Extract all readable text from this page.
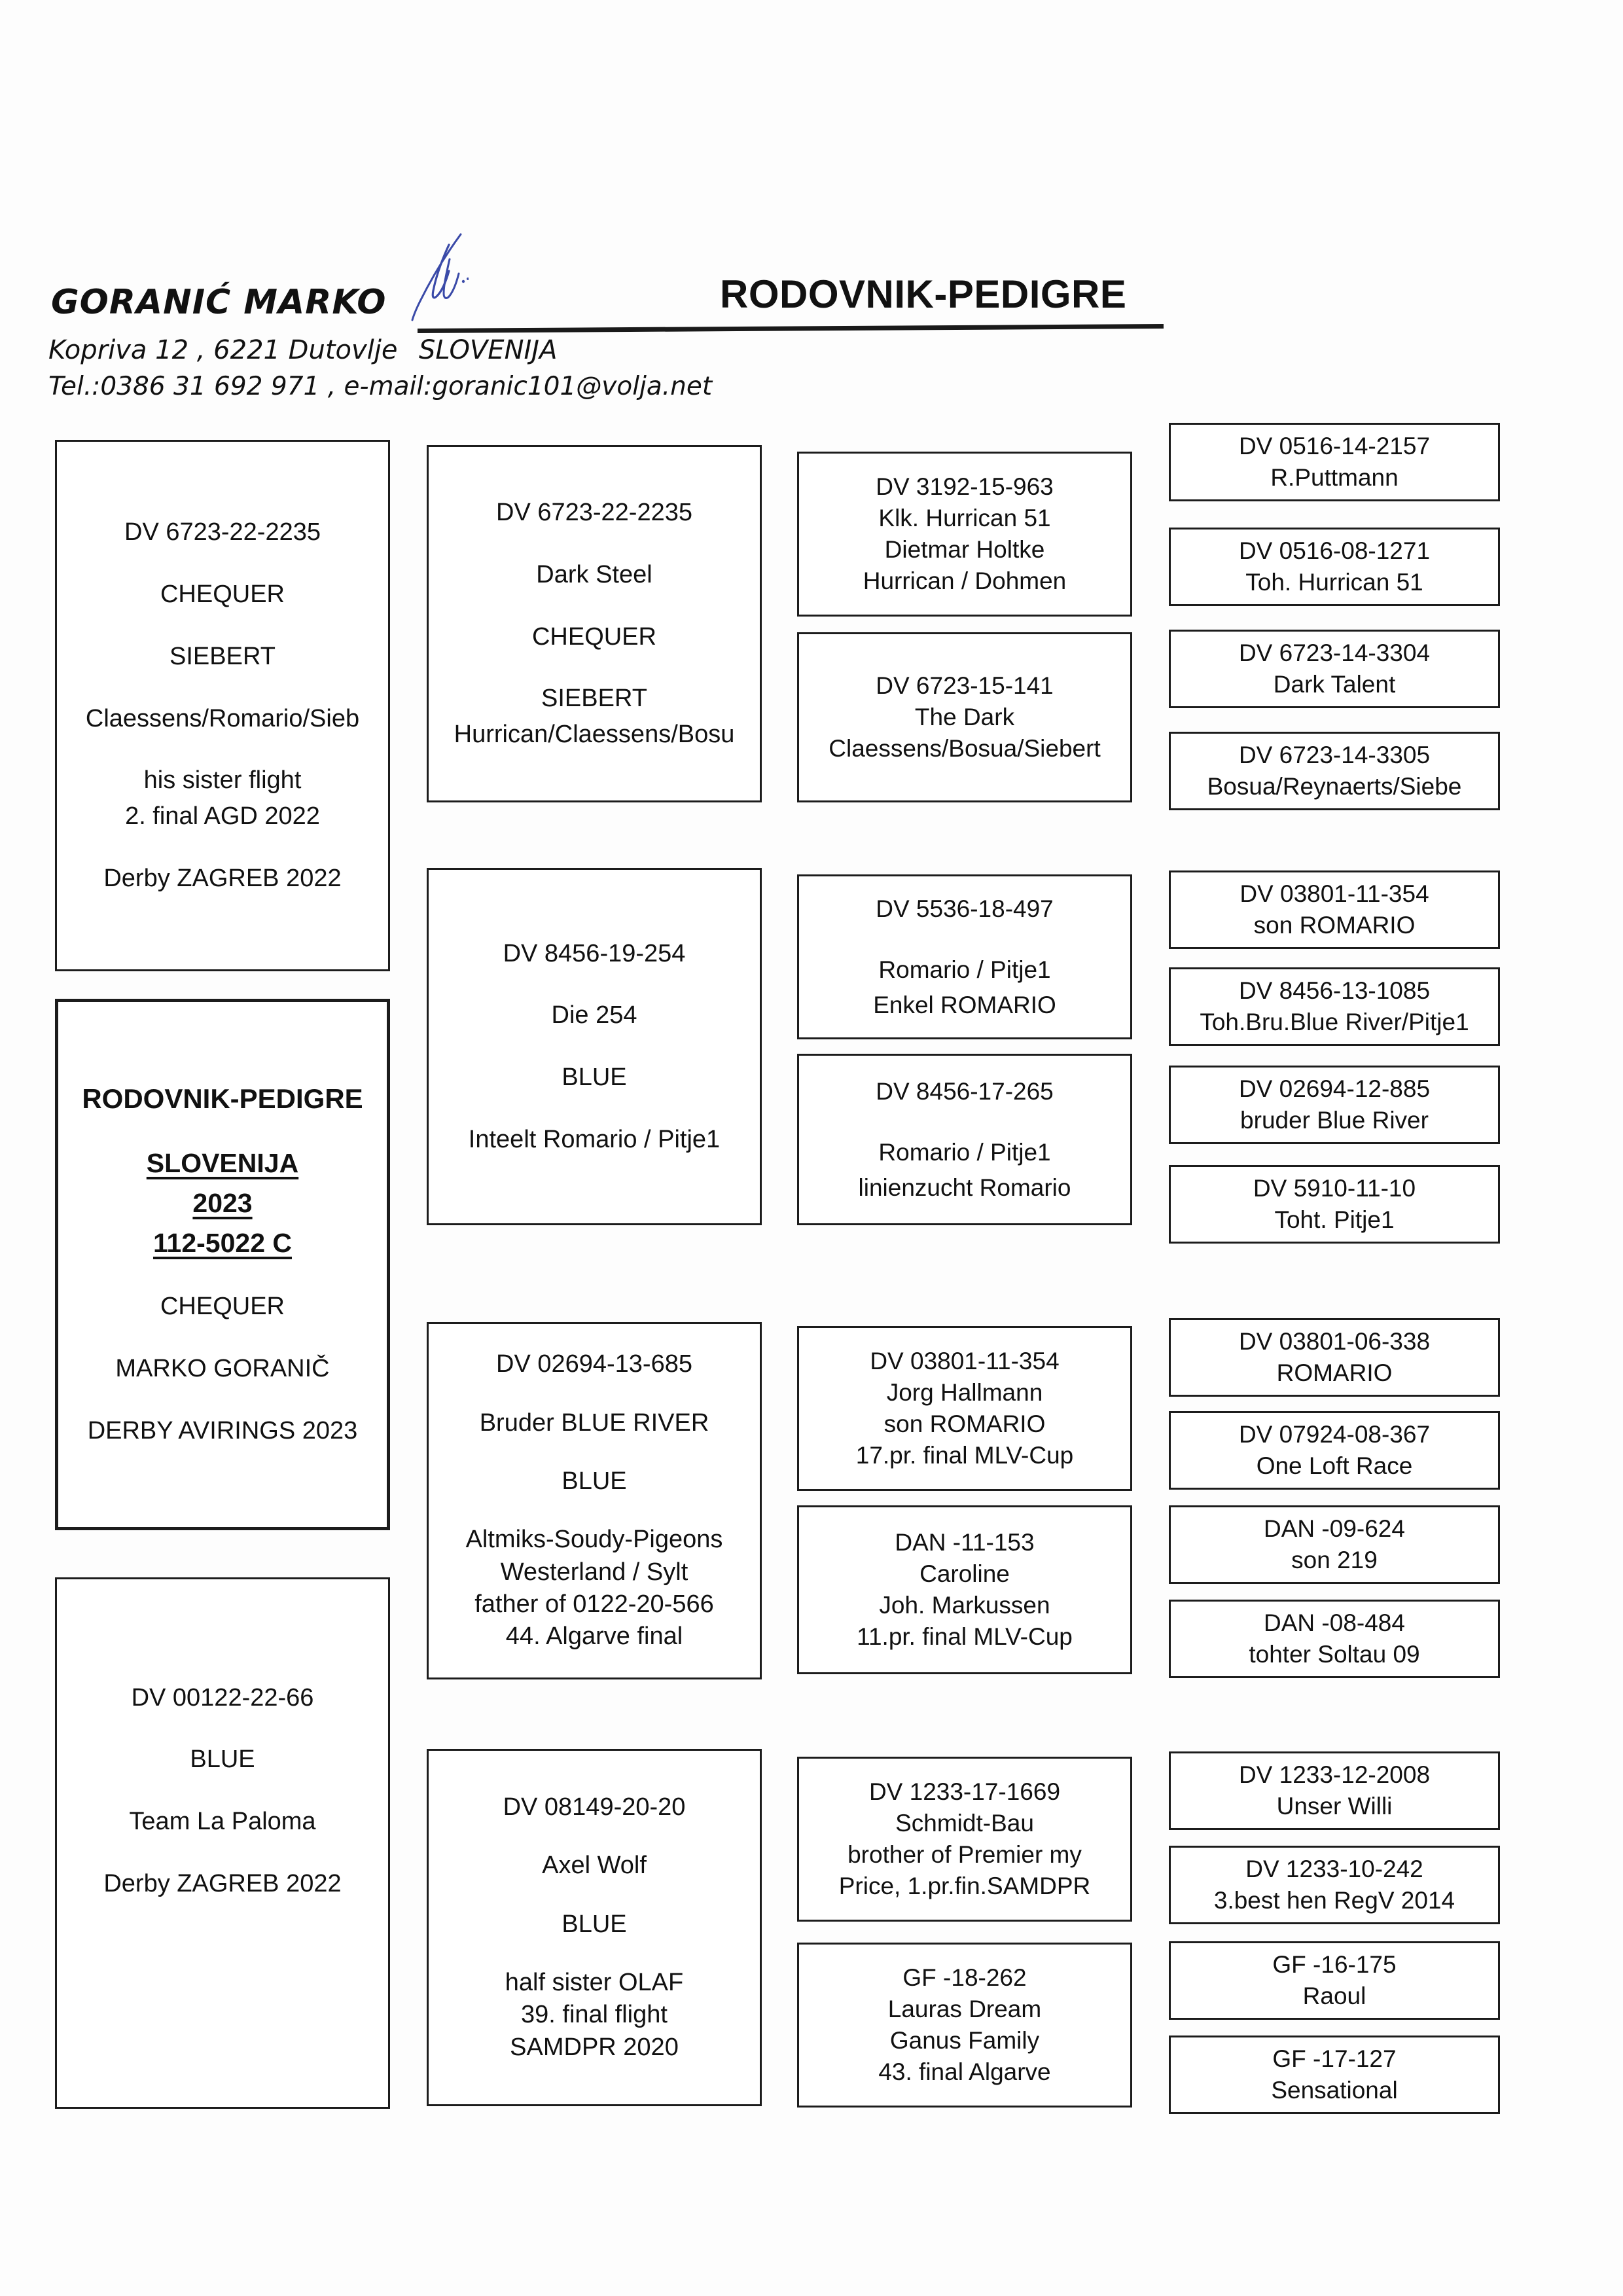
GORANIĆ MARKO
Kopriva 12 , 6221 Dutovlje
Tel.:0386 31 692 971 , e-mail:goranic101@volja.net
SLOVENIJA
RODOVNIK-PEDIGRE
DV 6723-22-2235
CHEQUER
SIEBERT
Claessens/Romario/Sieb
his sister flight
2. final AGD 2022
Derby ZAGREB 2022
RODOVNIK-PEDIGRE
SLOVENIJA
2023
112-5022 C
CHEQUER
MARKO GORANIČ
DERBY AVIRINGS 2023
DV 00122-22-66
BLUE
Team La Paloma
Derby ZAGREB 2022
DV 6723-22-2235
Dark Steel
CHEQUER
SIEBERT
Hurrican/Claessens/Bosu
DV 8456-19-254
Die 254
BLUE
Inteelt Romario / Pitje1
DV 02694-13-685
Bruder BLUE RIVER
BLUE
Altmiks-Soudy-Pigeons
Westerland / Sylt
father of 0122-20-566
44. Algarve final
DV 08149-20-20
Axel Wolf
BLUE
half sister OLAF
39. final flight
SAMDPR 2020
DV 3192-15-963
Klk. Hurrican 51
Dietmar Holtke
Hurrican / Dohmen
DV 6723-15-141
The Dark
Claessens/Bosua/Siebert
DV 5536-18-497
Romario / Pitje1
Enkel ROMARIO
DV 8456-17-265
Romario / Pitje1
linienzucht Romario
DV 03801-11-354
Jorg Hallmann
son ROMARIO
17.pr. final MLV-Cup
DAN -11-153
Caroline
Joh. Markussen
11.pr. final MLV-Cup
DV 1233-17-1669
Schmidt-Bau
brother of Premier my
Price, 1.pr.fin.SAMDPR
GF -18-262
Lauras Dream
Ganus Family
43. final Algarve
DV 0516-14-2157
R.Puttmann
DV 0516-08-1271
Toh. Hurrican 51
DV 6723-14-3304
Dark Talent
DV 6723-14-3305
Bosua/Reynaerts/Siebe
DV 03801-11-354
son ROMARIO
DV 8456-13-1085
Toh.Bru.Blue River/Pitje1
DV 02694-12-885
bruder Blue River
DV 5910-11-10
Toht. Pitje1
DV 03801-06-338
ROMARIO
DV 07924-08-367
One Loft Race
DAN -09-624
son 219
DAN -08-484
tohter Soltau 09
DV 1233-12-2008
Unser Willi
DV 1233-10-242
3.best hen RegV 2014
GF -16-175
Raoul
GF -17-127
Sensational
